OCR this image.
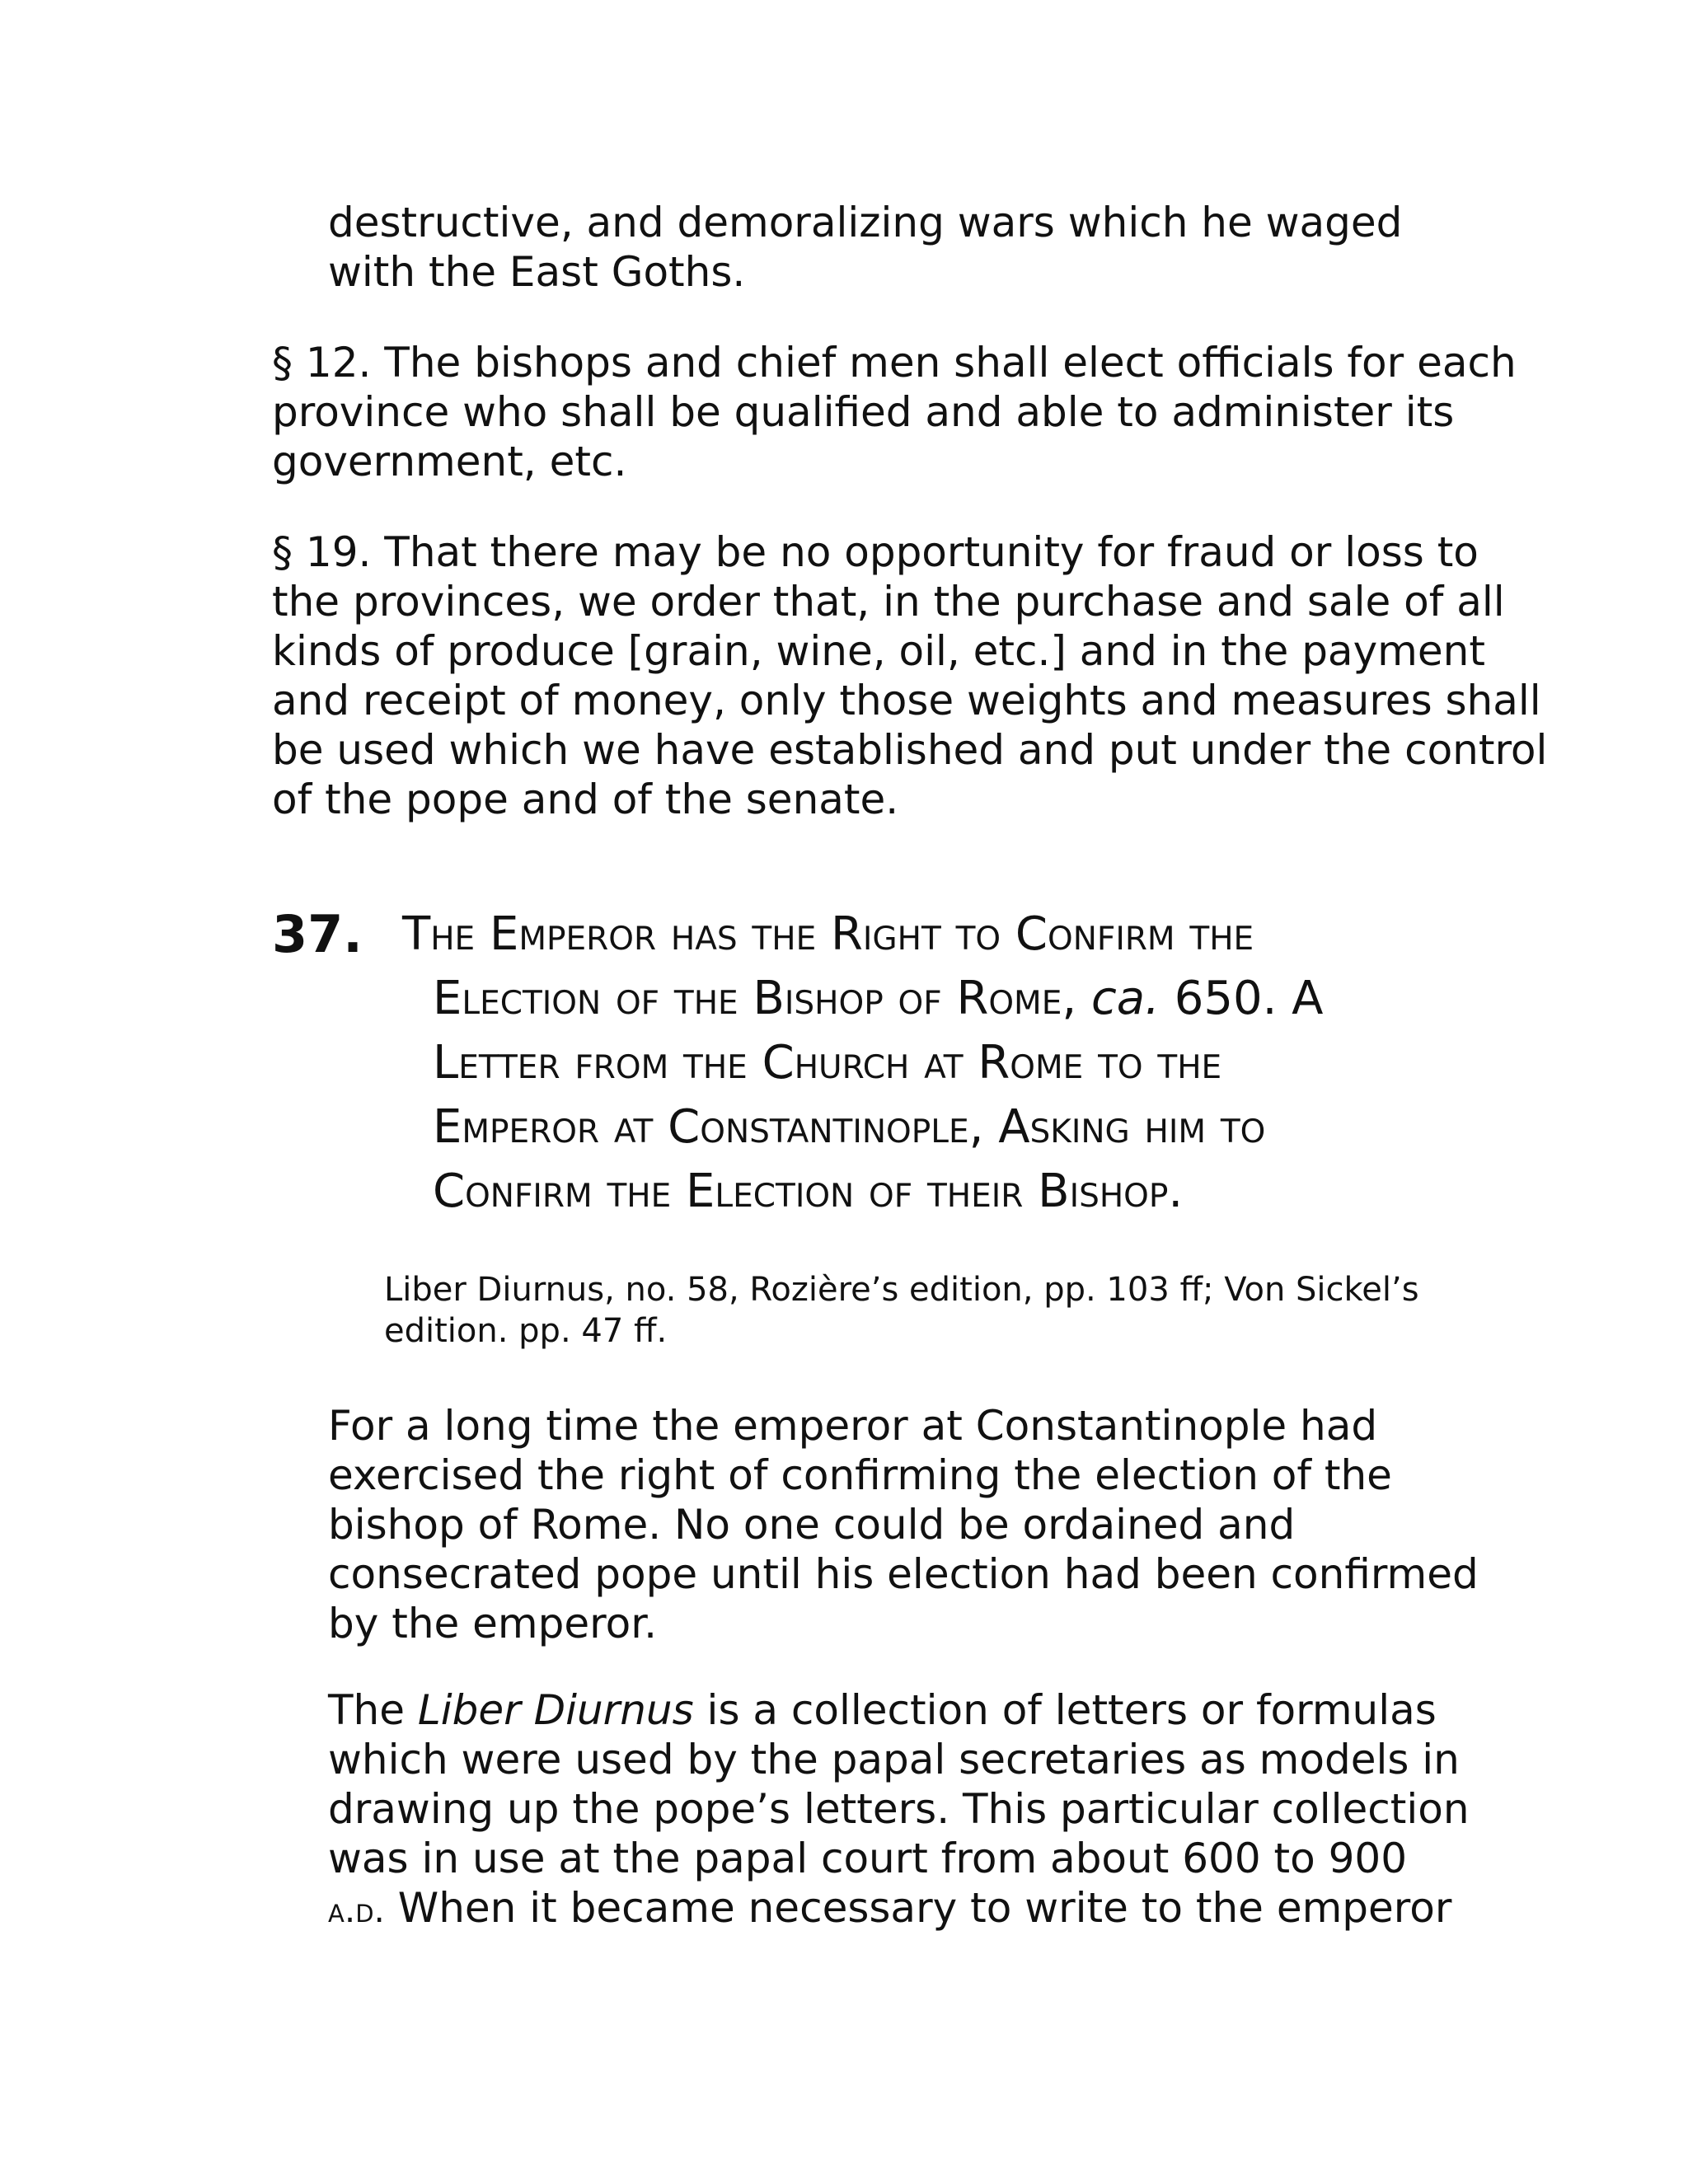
destructive, and demoralizing wars which he waged
with the East Goths.

§ 12. The bishops and chief men shall elect officials for each
province who shall be qualified and able to administer its
government, etc.

§ 19. That there may be no opportunity for fraud or loss to
the provinces, we order that, in the purchase and sale of all
kinds of produce [grain, wine, oil, etc.] and in the payment
and receipt of money, only those weights and measures shall
be used which we have established and put under the control
of the pope and of the senate.

37. The Emperor has the Right to Confirm the
Election of the Bishop of Rome, ca. 650. A
Letter from the Church at Rome to the
Emperor at Constantinople, Asking him to
Confirm the Election of their Bishop.

Liber Diurnus, no. 58, Rozière’s edition, pp. 103 ff; Von Sickel’s
edition. pp. 47 ff.

For a long time the emperor at Constantinople had
exercised the right of confirming the election of the
bishop of Rome. No one could be ordained and
consecrated pope until his election had been confirmed
by the emperor.

The Liber Diurnus is a collection of letters or formulas
which were used by the papal secretaries as models in
drawing up the pope’s letters. This particular collection
was in use at the papal court from about 600 to 900
a.d. When it became necessary to write to the emperor
